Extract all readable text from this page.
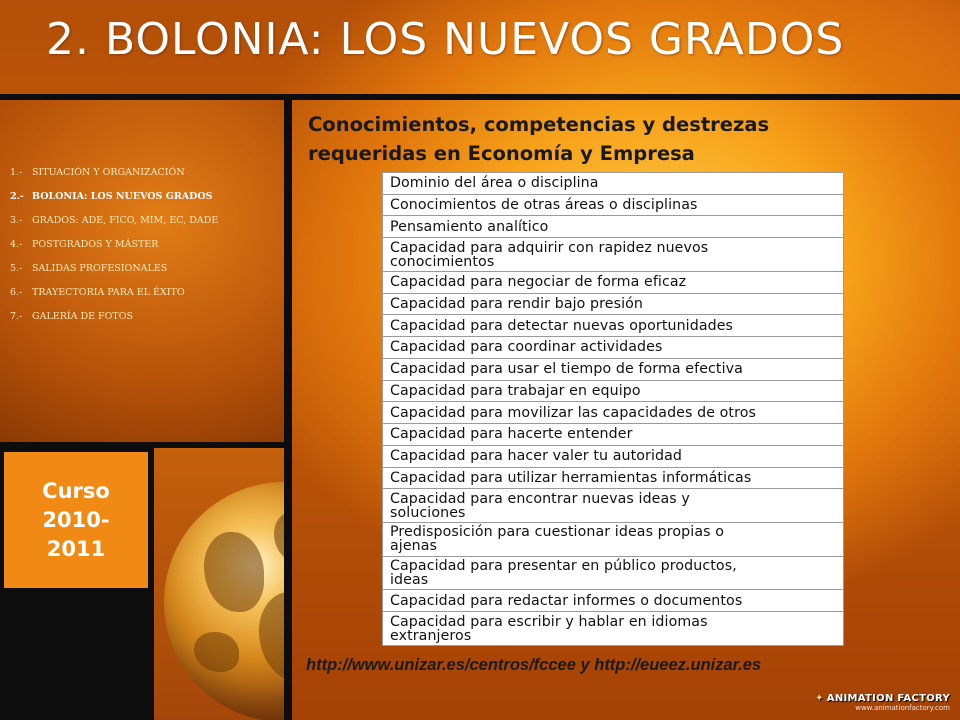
2. BOLONIA: LOS NUEVOS GRADOS
1.- SITUACIÓN Y ORGANIZACIÓN
2.- BOLONIA: LOS NUEVOS GRADOS
3.- GRADOS: ADE, FICO, MIM, EC, DADE
4.- POSTGRADOS Y MÁSTER
5.- SALIDAS PROFESIONALES
6.- TRAYECTORIA PARA EL ÉXITO
7.- GALERÍA DE FOTOS
Curso
2010-
2011
Conocimientos, competencias y destrezas
requeridas en Economía y Empresa
Dominio del área o disciplina
Conocimientos de otras áreas o disciplinas
Pensamiento analítico
Capacidad para adquirir con rapidez nuevos
conocimientos
Capacidad para negociar de forma eficaz
Capacidad para rendir bajo presión
Capacidad para detectar nuevas oportunidades
Capacidad para coordinar actividades
Capacidad para usar el tiempo de forma efectiva
Capacidad para trabajar en equipo
Capacidad para movilizar las capacidades de otros
Capacidad para hacerte entender
Capacidad para hacer valer tu autoridad
Capacidad para utilizar herramientas informáticas
Capacidad para encontrar nuevas ideas y
soluciones
Predisposición para cuestionar ideas propias o
ajenas
Capacidad para presentar en público productos,
ideas
Capacidad para redactar informes o documentos
Capacidad para escribir y hablar en idiomas
extranjeros

http://www.unizar.es/centros/fccee y http://eueez.unizar.es

✦ ANIMATION FACTORY
www.animationfactory.com
